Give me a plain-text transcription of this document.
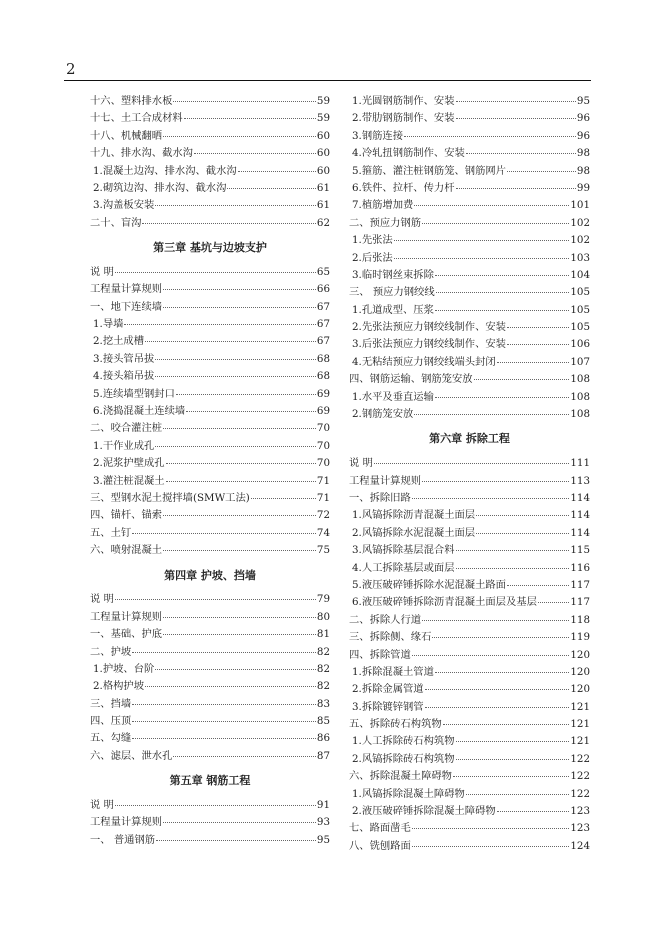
2
十六、塑料排水板	59
十七、土工合成材料	59
十八、机械翻晒	60
十九、排水沟、截水沟	60
1.混凝土边沟、排水沟、截水沟	60
2.砌筑边沟、排水沟、截水沟	61
3.沟盖板安装	61
二十、盲沟	62
第三章 基坑与边坡支护
说 明	65
工程量计算规则	66
一、地下连续墙	67
1.导墙	67
2.挖土成槽	67
3.接头管吊拔	68
4.接头箱吊拔	68
5.连续墙型钢封口	69
6.浇捣混凝土连续墙	69
二、咬合灌注桩	70
1.干作业成孔	70
2.泥浆护壁成孔	70
3.灌注桩混凝土	71
三、型钢水泥土搅拌墙(SMW工法)	71
四、锚杆、锚索	72
五、土钉	74
六、喷射混凝土	75
第四章 护坡、挡墙
说 明	79
工程量计算规则	80
一、基础、护底	81
二、护坡	82
1.护坡、台阶	82
2.格构护坡	82
三、挡墙	83
四、压顶	85
五、勾缝	86
六、滤层、泄水孔	87
第五章 钢筋工程
说 明	91
工程量计算规则	93
一、 普通钢筋	95
1.光圆钢筋制作、安装	95
2.带肋钢筋制作、安装	96
3.钢筋连接	96
4.冷轧扭钢筋制作、安装	98
5.箍筋、灌注桩钢筋笼、钢筋网片	98
6.铁件、拉杆、传力杆	99
7.植筋增加费	101
二、预应力钢筋	102
1.先张法	102
2.后张法	103
3.临时钢丝束拆除	104
三、 预应力钢绞线	105
1.孔道成型、压浆	105
2.先张法预应力钢绞线制作、安装	105
3.后张法预应力钢绞线制作、安装	106
4.无粘结预应力钢绞线端头封闭	107
四、钢筋运输、钢筋笼安放	108
1.水平及垂直运输	108
2.钢筋笼安放	108
第六章 拆除工程
说 明	111
工程量计算规则	113
一、拆除旧路	114
1.风镐拆除沥青混凝土面层	114
2.风镐拆除水泥混凝土面层	114
3.风镐拆除基层混合料	115
4.人工拆除基层或面层	116
5.液压破碎锤拆除水泥混凝土路面	117
6.液压破碎锤拆除沥青混凝土面层及基层	117
二、拆除人行道	118
三、拆除侧、缘石	119
四、拆除管道	120
1.拆除混凝土管道	120
2.拆除金属管道	120
3.拆除镀锌钢管	121
五、拆除砖石构筑物	121
1.人工拆除砖石构筑物	121
2.风镐拆除砖石构筑物	122
六、拆除混凝土障碍物	122
1.风镐拆除混凝土障碍物	122
2.液压破碎锤拆除混凝土障碍物	123
七、路面凿毛	123
八、铣刨路面	124
